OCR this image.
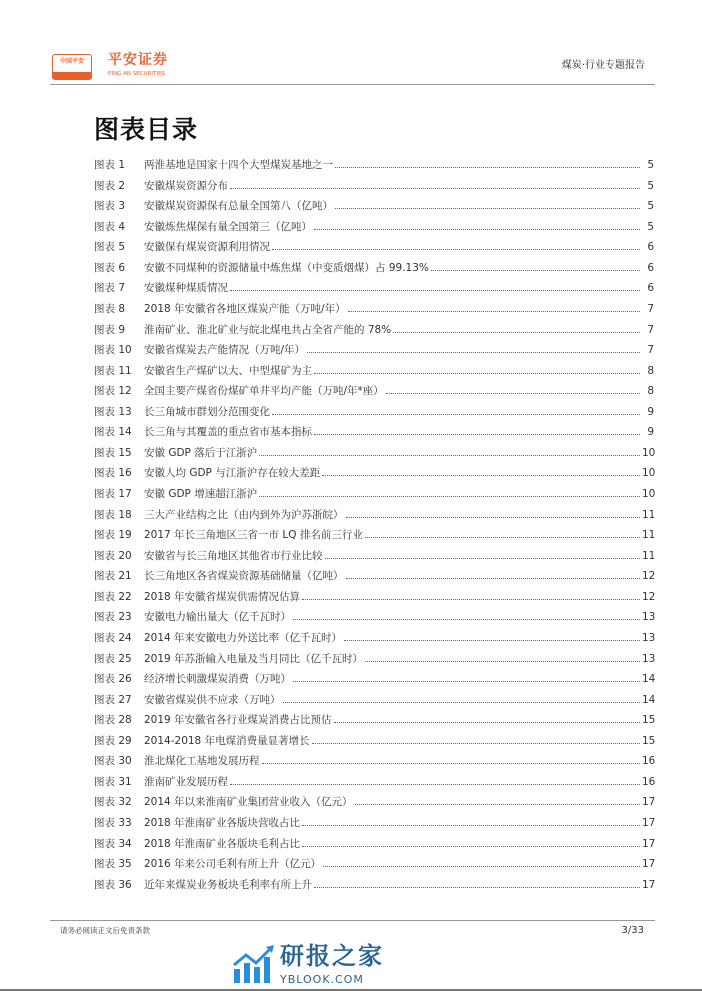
中国平安	平安证券
PING AN SECURITIES
煤炭·行业专题报告
图表目录
图表 1	两淮基地是国家十四个大型煤炭基地之一	5
图表 2	安徽煤炭资源分布	5
图表 3	安徽煤炭资源保有总量全国第八（亿吨）	5
图表 4	安徽炼焦煤保有量全国第三（亿吨）	5
图表 5	安徽保有煤炭资源利用情况	6
图表 6	安徽不同煤种的资源储量中炼焦煤（中变质烟煤）占 99.13%	6
图表 7	安徽煤种煤质情况	6
图表 8	2018 年安徽省各地区煤炭产能（万吨/年）	7
图表 9	淮南矿业、淮北矿业与皖北煤电共占全省产能的 78%	7
图表 10	安徽省煤炭去产能情况（万吨/年）	7
图表 11	安徽省生产煤矿以大、中型煤矿为主	8
图表 12	全国主要产煤省份煤矿单井平均产能（万吨/年*座）	8
图表 13	长三角城市群划分范围变化	9
图表 14	长三角与其覆盖的重点省市基本指标	9
图表 15	安徽 GDP 落后于江浙沪	10
图表 16	安徽人均 GDP 与江浙沪存在较大差距	10
图表 17	安徽 GDP 增速超江浙沪	10
图表 18	三大产业结构之比（由内到外为沪苏浙皖）	11
图表 19	2017 年长三角地区三省一市 LQ 排名前三行业	11
图表 20	安徽省与长三角地区其他省市行业比较	11
图表 21	长三角地区各省煤炭资源基础储量（亿吨）	12
图表 22	2018 年安徽省煤炭供需情况估算	12
图表 23	安徽电力输出量大（亿千瓦时）	13
图表 24	2014 年来安徽电力外送比率（亿千瓦时）	13
图表 25	2019 年苏浙输入电量及当月同比（亿千瓦时）	13
图表 26	经济增长刺激煤炭消费（万吨）	14
图表 27	安徽省煤炭供不应求（万吨）	14
图表 28	2019 年安徽省各行业煤炭消费占比预估	15
图表 29	2014-2018 年电煤消费量显著增长	15
图表 30	淮北煤化工基地发展历程	16
图表 31	淮南矿业发展历程	16
图表 32	2014 年以来淮南矿业集团营业收入（亿元）	17
图表 33	2018 年淮南矿业各版块营收占比	17
图表 34	2018 年淮南矿业各版块毛利占比	17
图表 35	2016 年来公司毛利有所上升（亿元）	17
图表 36	近年来煤炭业务板块毛利率有所上升	17
请务必阅读正文后免责条款	3/33
研报之家
YBLOOK.COM
